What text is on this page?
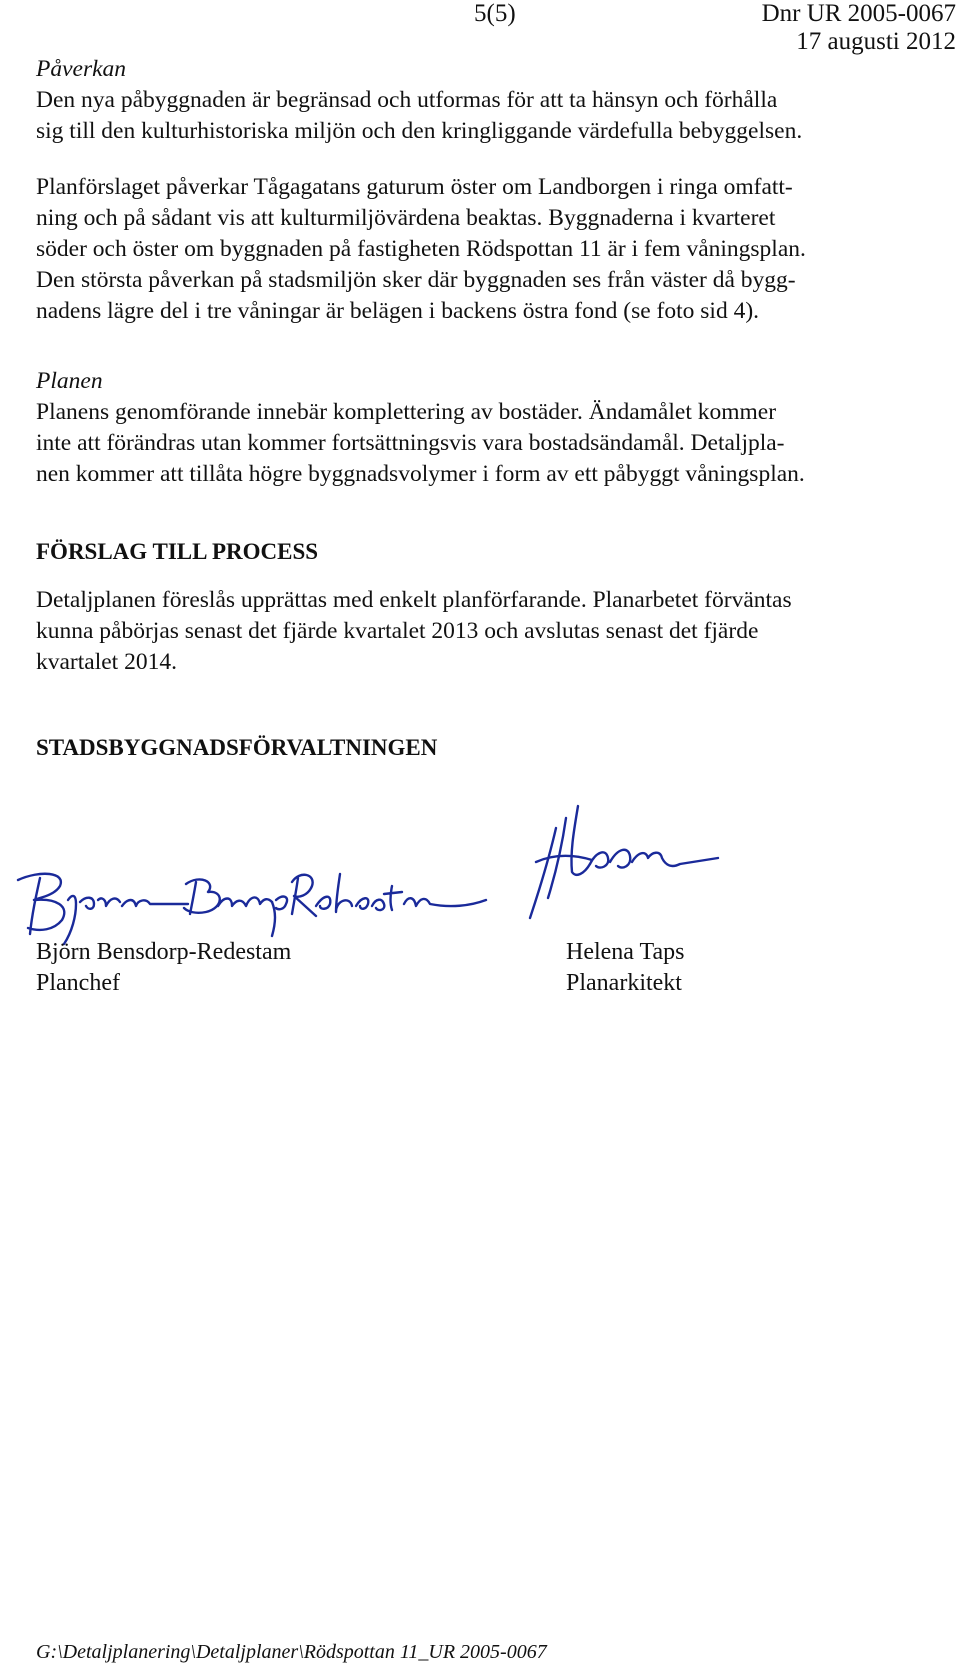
5(5)	Dnr UR 2005-0067
17 augusti 2012
Påverkan
Den nya påbyggnaden är begränsad och utformas för att ta hänsyn och förhålla
sig till den kulturhistoriska miljön och den kringliggande värdefulla bebyggelsen.
Planförslaget påverkar Tågagatans gaturum öster om Landborgen i ringa omfatt-
ning och på sådant vis att kulturmiljövärdena beaktas. Byggnaderna i kvarteret
söder och öster om byggnaden på fastigheten Rödspottan 11 är i fem våningsplan.
Den största påverkan på stadsmiljön sker där byggnaden ses från väster då bygg-
nadens lägre del i tre våningar är belägen i backens östra fond (se foto sid 4).
Planen
Planens genomförande innebär komplettering av bostäder. Ändamålet kommer
inte att förändras utan kommer fortsättningsvis vara bostadsändamål. Detaljpla-
nen kommer att tillåta högre byggnadsvolymer i form av ett påbyggt våningsplan.
FÖRSLAG TILL PROCESS
Detaljplanen föreslås upprättas med enkelt planförfarande. Planarbetet förväntas
kunna påbörjas senast det fjärde kvartalet 2013 och avslutas senast det fjärde
kvartalet 2014.
STADSBYGGNADSFÖRVALTNINGEN
Björn Bensdorp-Redestam
Planchef
Helena Taps
Planarkitekt
G:\Detaljplanering\Detaljplaner\Rödspottan 11_UR 2005-0067
